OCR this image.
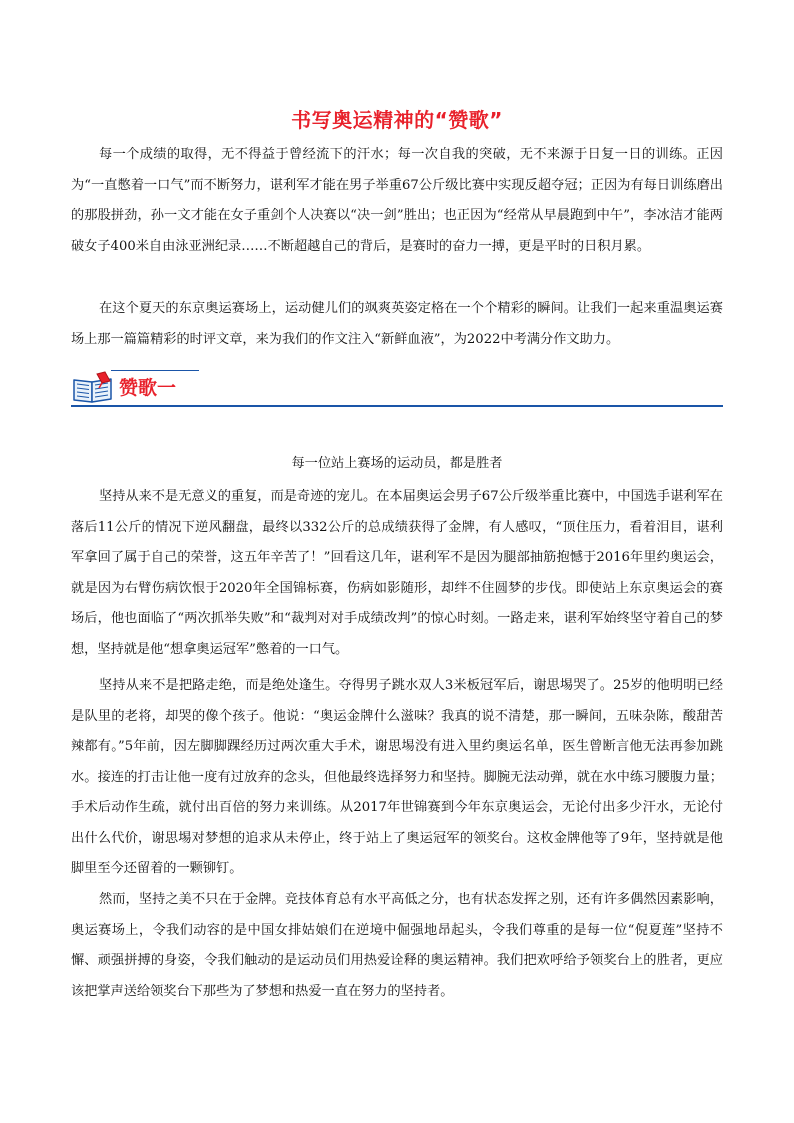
书写奥运精神的“赞歌”

每一个成绩的取得，无不得益于曾经流下的汗水；每一次自我的突破，无不来源于日复一日的训练。正因为“一直憋着一口气”而不断努力，谌利军才能在男子举重67公斤级比赛中实现反超夺冠；正因为有每日训练磨出的那股拼劲，孙一文才能在女子重剑个人决赛以“决一剑”胜出；也正因为“经常从早晨跑到中午”，李冰洁才能两破女子400米自由泳亚洲纪录……不断超越自己的背后，是赛时的奋力一搏，更是平时的日积月累。

在这个夏天的东京奥运赛场上，运动健儿们的飒爽英姿定格在一个个精彩的瞬间。让我们一起来重温奥运赛场上那一篇篇精彩的时评文章，来为我们的作文注入“新鲜血液”，为2022中考满分作文助力。

赞歌一
每一位站上赛场的运动员，都是胜者

坚持从来不是无意义的重复，而是奇迹的宠儿。在本届奥运会男子67公斤级举重比赛中，中国选手谌利军在落后11公斤的情况下逆风翻盘，最终以332公斤的总成绩获得了金牌，有人感叹，“顶住压力，看着泪目，谌利军拿回了属于自己的荣誉，这五年辛苦了！”回看这几年，谌利军不是因为腿部抽筋抱憾于2016年里约奥运会，就是因为右臂伤病饮恨于2020年全国锦标赛，伤病如影随形，却绊不住圆梦的步伐。即使站上东京奥运会的赛场后，他也面临了“两次抓举失败”和“裁判对对手成绩改判”的惊心时刻。一路走来，谌利军始终坚守着自己的梦想，坚持就是他“想拿奥运冠军”憋着的一口气。

坚持从来不是把路走绝，而是绝处逢生。夺得男子跳水双人3米板冠军后，谢思埸哭了。25岁的他明明已经是队里的老将，却哭的像个孩子。他说：“奥运金牌什么滋味？我真的说不清楚，那一瞬间，五味杂陈，酸甜苦辣都有。”5年前，因左脚脚踝经历过两次重大手术，谢思埸没有进入里约奥运名单，医生曾断言他无法再参加跳水。接连的打击让他一度有过放弃的念头，但他最终选择努力和坚持。脚腕无法动弹，就在水中练习腰腹力量；手术后动作生疏，就付出百倍的努力来训练。从2017年世锦赛到今年东京奥运会，无论付出多少汗水，无论付出什么代价，谢思埸对梦想的追求从未停止，终于站上了奥运冠军的领奖台。这枚金牌他等了9年，坚持就是他脚里至今还留着的一颗铆钉。

然而，坚持之美不只在于金牌。竞技体育总有水平高低之分，也有状态发挥之别，还有许多偶然因素影响，奥运赛场上，令我们动容的是中国女排姑娘们在逆境中倔强地昂起头，令我们尊重的是每一位“倪夏莲”坚持不懈、顽强拼搏的身姿，令我们触动的是运动员们用热爱诠释的奥运精神。我们把欢呼给予领奖台上的胜者，更应该把掌声送给领奖台下那些为了梦想和热爱一直在努力的坚持者。
